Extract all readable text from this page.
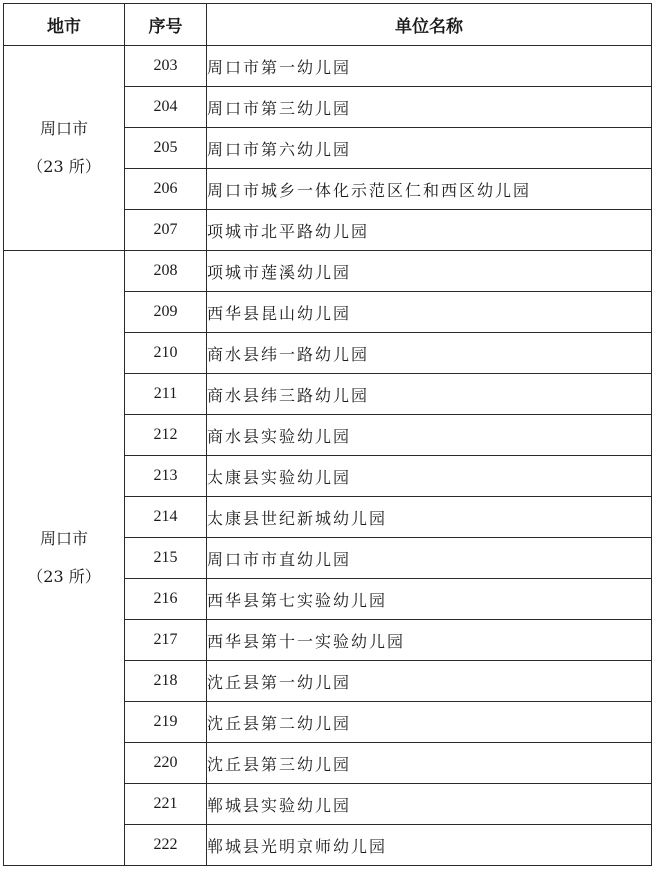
地市	序号	单位名称

周口市
（23 所）	203	周口市第一幼儿园
	204	周口市第三幼儿园
	205	周口市第六幼儿园
	206	周口市城乡一体化示范区仁和西区幼儿园
	207	项城市北平路幼儿园

周口市
（23 所）	208	项城市莲溪幼儿园
	209	西华县昆山幼儿园
	210	商水县纬一路幼儿园
	211	商水县纬三路幼儿园
	212	商水县实验幼儿园
	213	太康县实验幼儿园
	214	太康县世纪新城幼儿园
	215	周口市市直幼儿园
	216	西华县第七实验幼儿园
	217	西华县第十一实验幼儿园
	218	沈丘县第一幼儿园
	219	沈丘县第二幼儿园
	220	沈丘县第三幼儿园
	221	郸城县实验幼儿园
	222	郸城县光明京师幼儿园
